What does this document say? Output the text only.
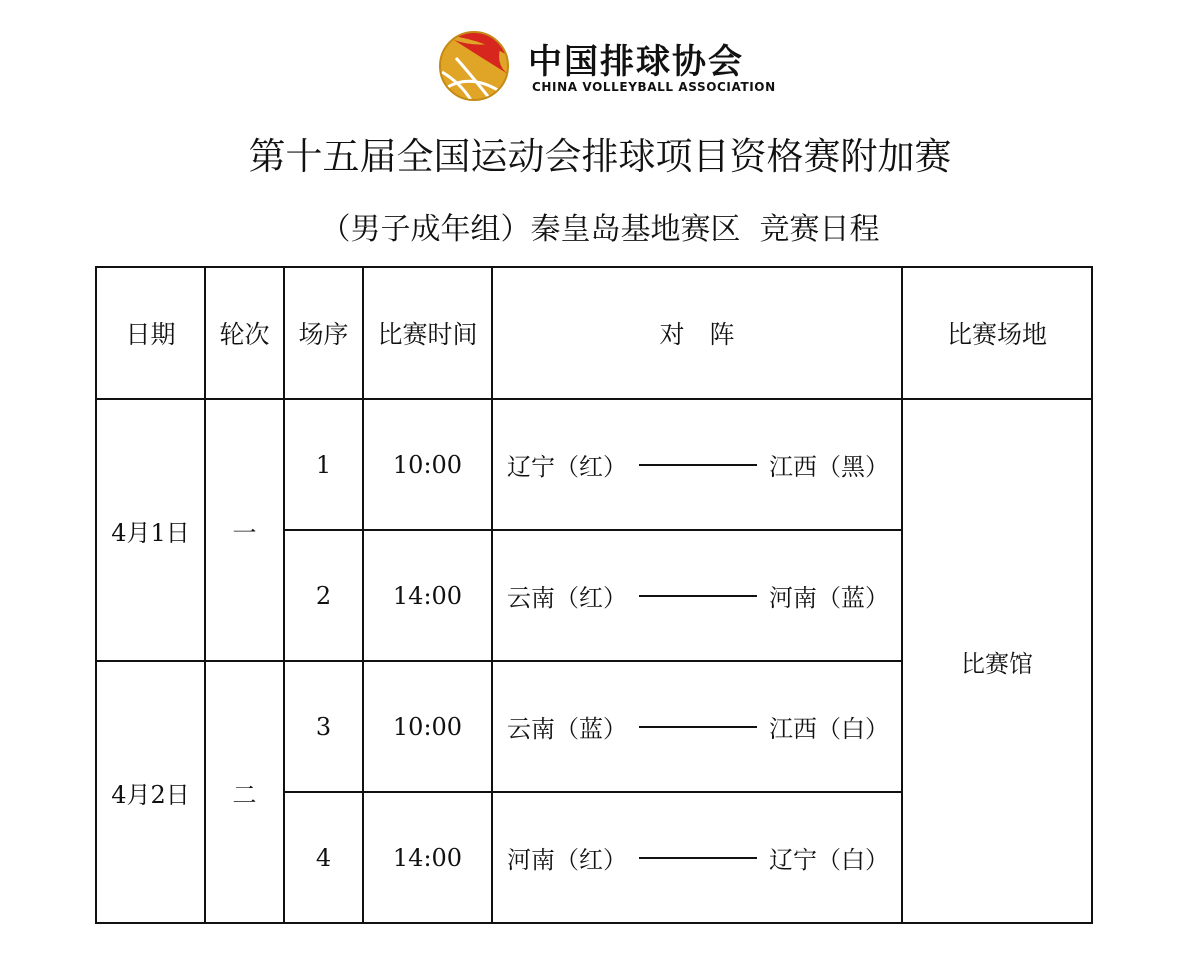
中国排球协会
CHINA VOLLEYBALL ASSOCIATION
第十五届全国运动会排球项目资格赛附加赛
（男子成年组）秦皇岛基地赛区  竞赛日程
日期	轮次	场序	比赛时间	对　阵	比赛场地
4月1日	一	1	10:00	辽宁（红） 江西（黑）	比赛馆
		2	14:00	云南（红） 河南（蓝）	

4月2日	二	3	10:00	云南（蓝） 江西（白）	

		4	14:00	河南（红） 辽宁（白）	
